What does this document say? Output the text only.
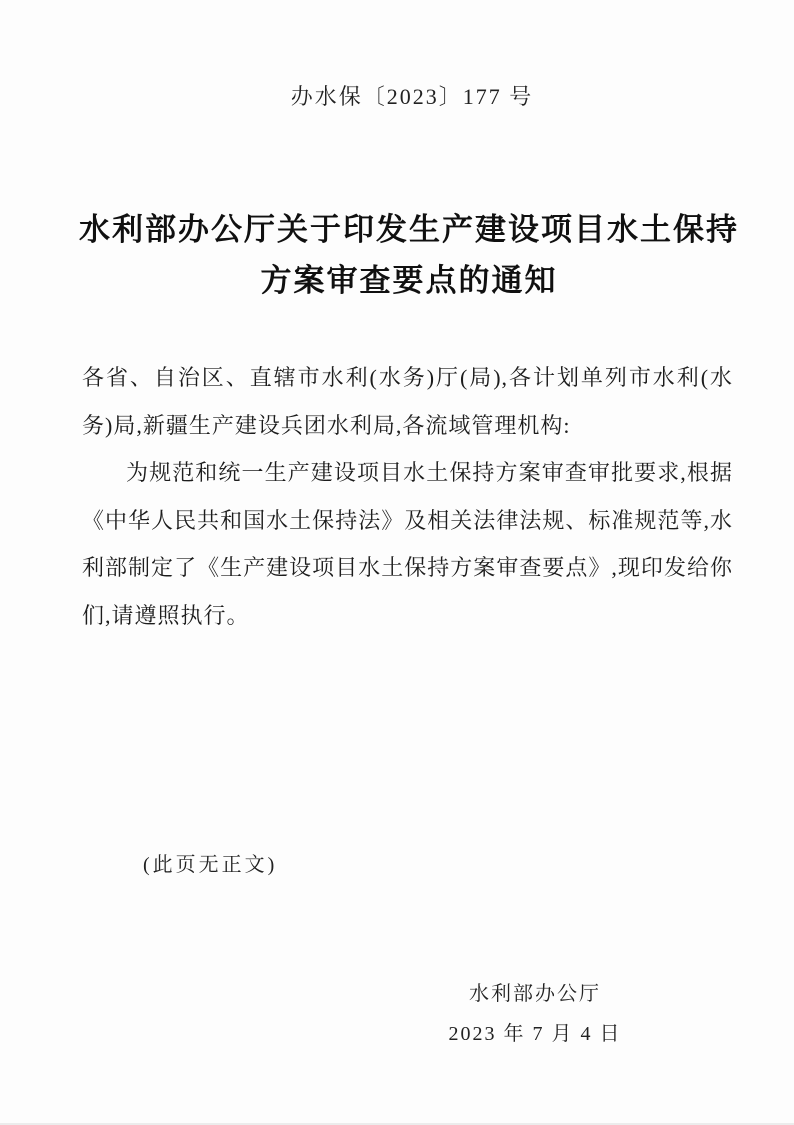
办水保〔2023〕177 号
水利部办公厅关于印发生产建设项目水土保持
方案审查要点的通知

各省、自治区、直辖市水利(水务)厅(局),各计划单列市水利(水务)局,新疆生产建设兵团水利局,各流域管理机构:

为规范和统一生产建设项目水土保持方案审查审批要求,根据《中华人民共和国水土保持法》及相关法律法规、标准规范等,水利部制定了《生产建设项目水土保持方案审查要点》,现印发给你们,请遵照执行。

(此页无正文)
水利部办公厅
2023 年 7 月 4 日
